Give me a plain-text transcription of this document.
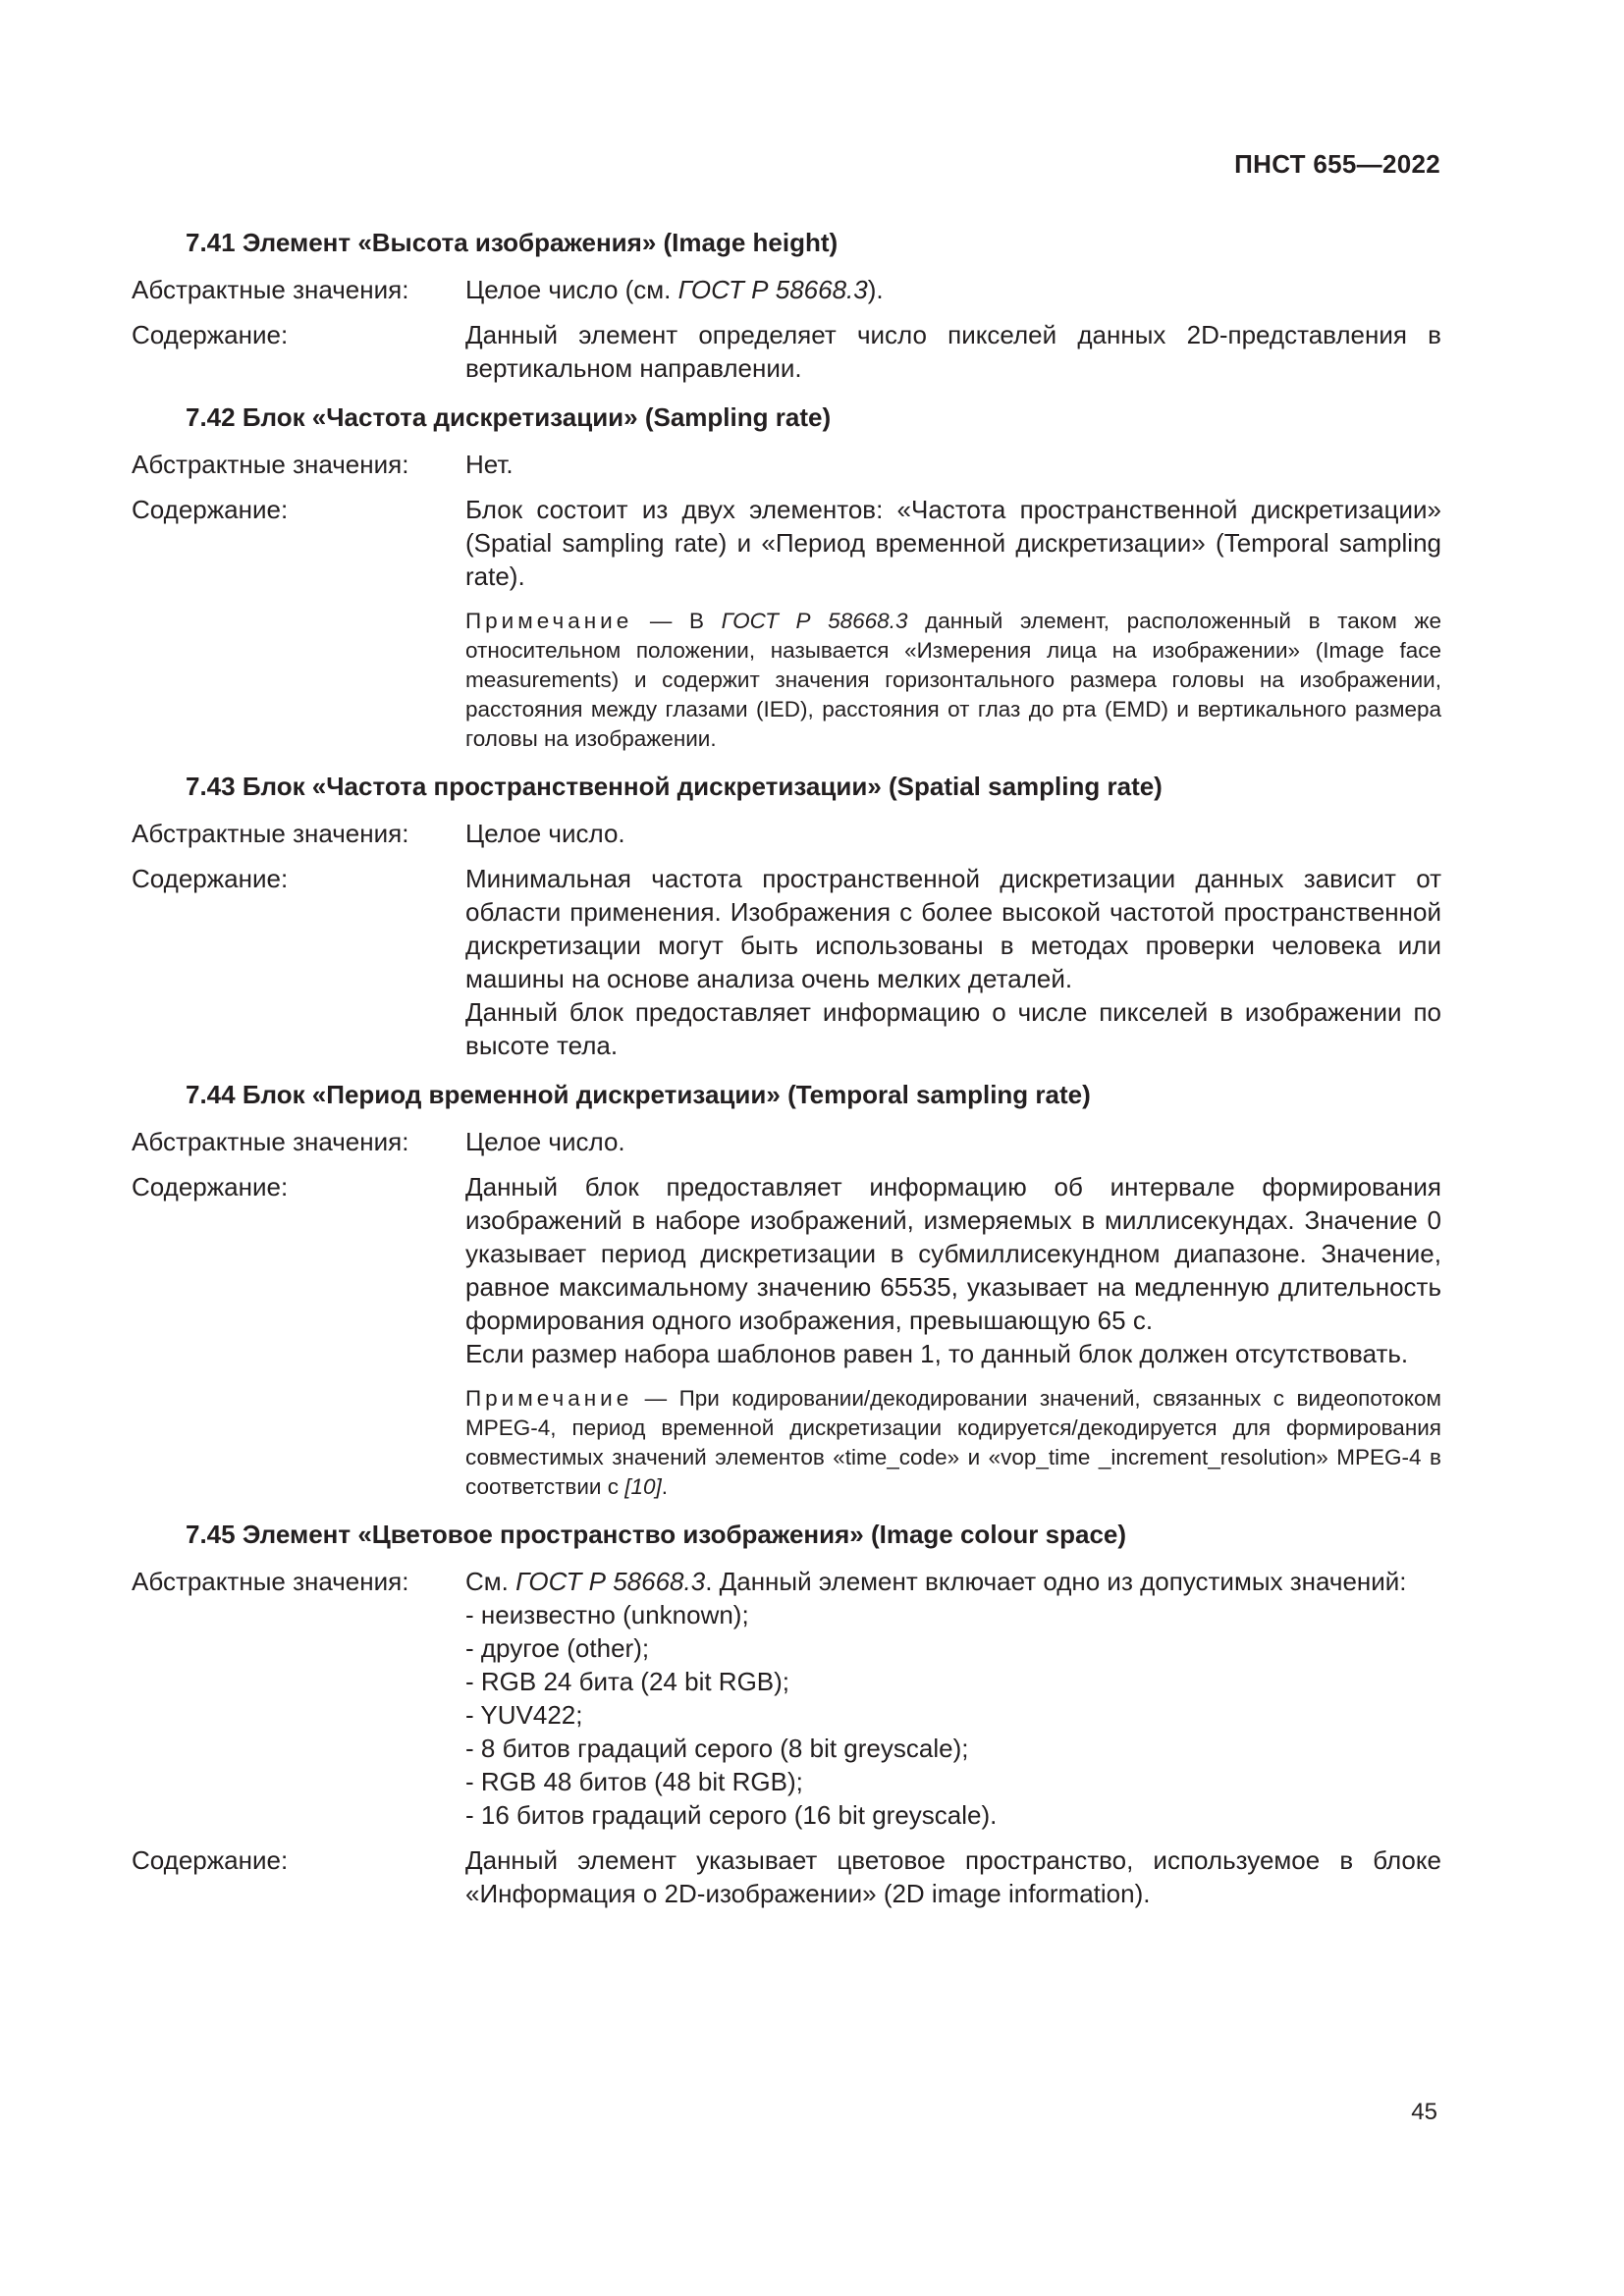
ПНСТ 655—2022
7.41 Элемент «Высота изображения» (Image height)
Абстрактные значения:	Целое число (см. ГОСТ Р 58668.3).
Содержание:	Данный элемент определяет число пикселей данных 2D-представления в вертикальном направлении.
7.42 Блок «Частота дискретизации» (Sampling rate)
Абстрактные значения:	Нет.
Содержание:	Блок состоит из двух элементов: «Частота пространственной дискретизации» (Spatial sampling rate) и «Период временной дискретизации» (Temporal sampling rate).

Примечание — В ГОСТ Р 58668.3 данный элемент, расположенный в таком же относительном положении, называется «Измерения лица на изображении» (Image face measurements) и содержит значения горизонтального размера головы на изображении, расстояния между глазами (IED), расстояния от глаз до рта (EMD) и вертикального размера головы на изображении.
7.43 Блок «Частота пространственной дискретизации» (Spatial sampling rate)
Абстрактные значения:	Целое число.
Содержание:	Минимальная частота пространственной дискретизации данных зависит от области применения. Изображения с более высокой частотой пространственной дискретизации могут быть использованы в методах проверки человека или машины на основе анализа очень мелких деталей.

Данный блок предоставляет информацию о числе пикселей в изображении по высоте тела.

7.44 Блок «Период временной дискретизации» (Temporal sampling rate)
Абстрактные значения:	Целое число.
Содержание:	Данный блок предоставляет информацию об интервале формирования изображений в наборе изображений, измеряемых в миллисекундах. Значение 0 указывает период дискретизации в субмиллисекундном диапазоне. Значение, равное максимальному значению 65535, указывает на медленную длительность формирования одного изображения, превышающую 65 с.

Если размер набора шаблонов равен 1, то данный блок должен отсутствовать.

Примечание — При кодировании/декодировании значений, связанных с видеопотоком MPEG-4, период временной дискретизации кодируется/декодируется для формирования совместимых значений элементов «time_code» и «vop_time _increment_resolution» MPEG-4 в соответствии с [10].
7.45 Элемент «Цветовое пространство изображения» (Image colour space)
Абстрактные значения:	См. ГОСТ Р 58668.3. Данный элемент включает одно из допустимых значений:

- неизвестно (unknown);

- другое (other);

- RGB 24 бита (24 bit RGB);

- YUV422;

- 8 битов градаций серого (8 bit greyscale);

- RGB 48 битов (48 bit RGB);

- 16 битов градаций серого (16 bit greyscale).

Содержание:	Данный элемент указывает цветовое пространство, используемое в блоке «Информация о 2D-изображении» (2D image information).
45
